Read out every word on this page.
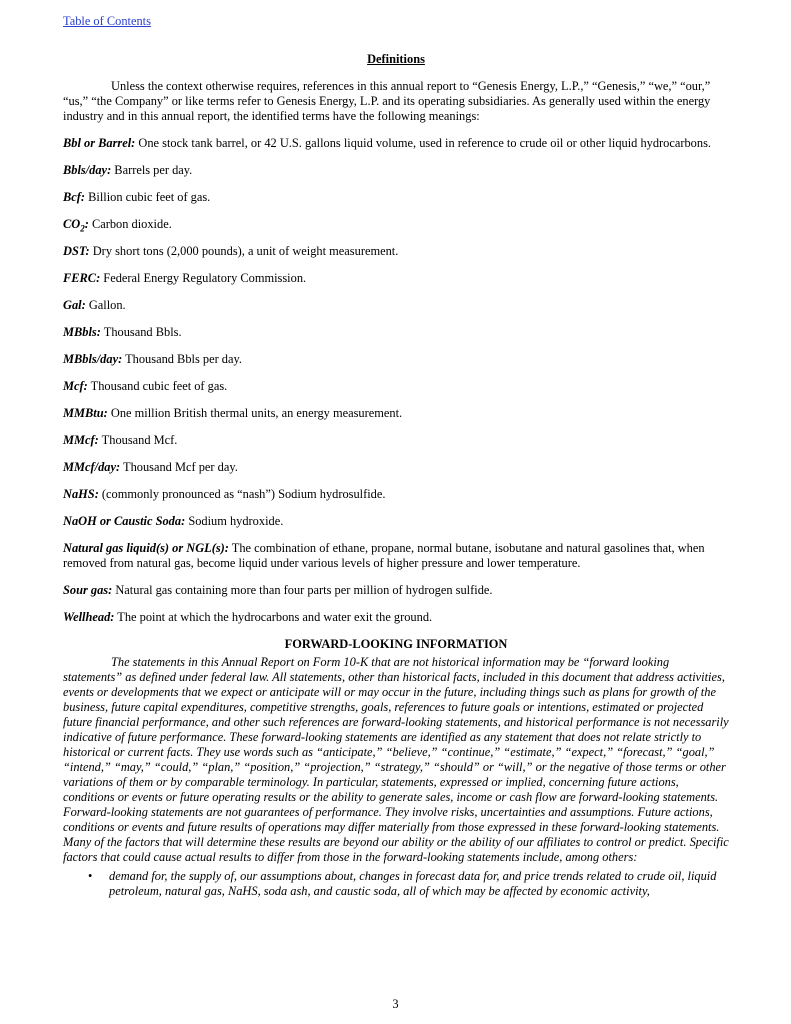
Table of Contents

Definitions

Unless the context otherwise requires, references in this annual report to “Genesis Energy, L.P.,” “Genesis,” “we,” “our,” “us,” “the Company” or like terms refer to Genesis Energy, L.P. and its operating subsidiaries. As generally used within the energy industry and in this annual report, the identified terms have the following meanings:

Bbl or Barrel: One stock tank barrel, or 42 U.S. gallons liquid volume, used in reference to crude oil or other liquid hydrocarbons.
Bbls/day: Barrels per day.
Bcf: Billion cubic feet of gas.
$CO_2$: Carbon dioxide.
DST: Dry short tons (2,000 pounds), a unit of weight measurement.
FERC: Federal Energy Regulatory Commission.
Gal: Gallon.
MBbls: Thousand Bbls.
MBbls/day: Thousand Bbls per day.
Mcf: Thousand cubic feet of gas.
MMBtu: One million British thermal units, an energy measurement.
MMcf: Thousand Mcf.
MMcf/day: Thousand Mcf per day.
NaHS: (commonly pronounced as “nash”) Sodium hydrosulfide.
NaOH or Caustic Soda: Sodium hydroxide.
Natural gas liquid(s) or NGL(s): The combination of ethane, propane, normal butane, isobutane and natural gasolines that, when removed from natural gas, become liquid under various levels of higher pressure and lower temperature.
Sour gas: Natural gas containing more than four parts per million of hydrogen sulfide.
Wellhead: The point at which the hydrocarbons and water exit the ground.

FORWARD-LOOKING INFORMATION

The statements in this Annual Report on Form 10-K that are not historical information may be “forward looking statements” as defined under federal law. All statements, other than historical facts, included in this document that address activities, events or developments that we expect or anticipate will or may occur in the future, including things such as plans for growth of the business, future capital expenditures, competitive strengths, goals, references to future goals or intentions, estimated or projected future financial performance, and other such references are forward-looking statements, and historical performance is not necessarily indicative of future performance. These forward-looking statements are identified as any statement that does not relate strictly to historical or current facts. They use words such as “anticipate,” “believe,” “continue,” “estimate,” “expect,” “forecast,” “goal,” “intend,” “may,” “could,” “plan,” “position,” “projection,” “strategy,” “should” or “will,” or the negative of those terms or other variations of them or by comparable terminology. In particular, statements, expressed or implied, concerning future actions, conditions or events or future operating results or the ability to generate sales, income or cash flow are forward-looking statements. Forward-looking statements are not guarantees of performance. They involve risks, uncertainties and assumptions. Future actions, conditions or events and future results of operations may differ materially from those expressed in these forward-looking statements. Many of the factors that will determine these results are beyond our ability or the ability of our affiliates to control or predict. Specific factors that could cause actual results to differ from those in the forward-looking statements include, among others:

• demand for, the supply of, our assumptions about, changes in forecast data for, and price trends related to crude oil, liquid petroleum, natural gas, NaHS, soda ash, and caustic soda, all of which may be affected by economic activity,
3
